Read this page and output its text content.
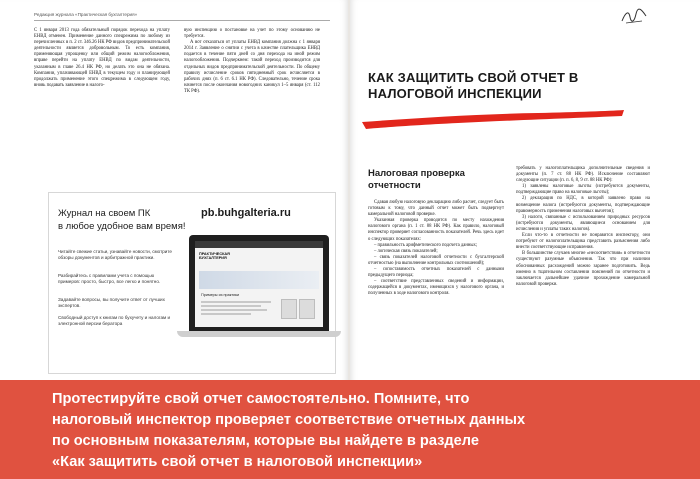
Редакция журнала «Практическая бухгалтерия»

С 1 января 2013 года обязательный порядок перехода на уплату ЕНВД отменен. Применение данного спецрежима по любому из перечисленных в п. 2 ст. 346.26 НК РФ видов предпринимательской деятельности является добровольным. То есть компания, применяющая упрощенку или общий режим налогообложения, вправе перейти на уплату ЕНВД по видам деятельности, указанным в главе 26.4 НК РФ, но делать это она не обязана. Компании, уплачивающей ЕНВД в текущем году и планирующей продолжать применение этого спецрежима в следующем году, вновь подавать заявление в налого-

вую инспекцию о постановке на учет по этому основанию не требуется.

А вот отказаться от уплаты ЕНВД компания должна с 1 января 2014 г. Заявление о снятии с учета в качестве плательщика ЕНВД подается в течение пяти дней со дня перехода на иной режим налогообложения. Подчеркнем: такой переход производится для отдельных видов предпринимательской деятельности. По общему правилу исчисление сроков пятидневный срок исчисляется в рабочих днях (п. 6 ст. 6.1 НК РФ). Следовательно, течение срока начнется после окончания новогодних каникул 1–5 января (ст. 112 ТК РФ).

Журнал на своем ПК
в любое удобное вам время!
pb.buhgalteria.ru
Читайте свежие статьи, узнавайте новости, смотрите обзоры документов и арбитражной практики.
Разбирайтесь с правилами учета с помощью примеров: просто, быстро, все легко и понятно.
Задавайте вопросы, вы получите ответ от лучших экспертов.
Свободный доступ к книгам по бухучету и налогам и электронной версии бератора
ПРАКТИЧЕСКАЯ
БУХГАЛТЕРИЯ
Примеры из практики
КАК ЗАЩИТИТЬ СВОЙ ОТЧЕТ В НАЛОГОВОЙ ИНСПЕКЦИИ
Налоговая проверка отчетности

Сдавая любую налоговую декларацию либо расчет, следует быть готовым к тому, что данный отчет может быть подвергнут камеральной налоговой проверке.

Указанная проверка проводится по месту нахождения налогового органа (п. 1 ст. 88 НК РФ). Как правило, налоговый инспектор проверяет согласованность показателей. Речь здесь идет о следующих показателях:

– правильность арифметического подсчета данных;

– логическая связь показателей;

– связь показателей налоговой отчетности с бухгалтерской отчетностью (на выполнение контрольных соотношений);

– сопоставимость отчетных показателей с данными предыдущего периода;

– соответствие представленных сведений и информации, содержащейся в документах, имеющихся у налогового органа, и полученных в ходе налогового контроля.

требовать у налогоплательщика дополнительные сведения и документы (п. 7 ст. 88 НК РФ). Исключение составляют следующие ситуации (п. п. 6, 8, 9 ст. 88 НК РФ):

1) заявлены налоговые льготы (истребуются документы, подтверждающие право на налоговые льготы);

2) декларация по НДС, в которой заявлено право на возмещение налога (истребуются документы, подтверждающие правомерность применения налоговых вычетов);

3) налоги, связанные с использованием природных ресурсов (истребуются документы, являющиеся основанием для исчисления и уплаты таких налогов).

Если что-то в отчетности не понравится инспектору, они потребуют от налогоплательщика представить разъяснения либо внести соответствующие исправления.

В большинстве случаев многие «несоответствия» в отчетности существуют разумные объяснения. Так что при наличии обоснованных расхождений можно заранее подготовить. Ведь именно в тщательном составлении пояснений по отчетности и заключается дальнейшее удачное прохождение камеральной налоговой проверки.

Протестируйте свой отчет самостоятельно. Помните, что
налоговый инспектор проверяет соответствие отчетных данных
по основным показателям, которые вы найдете в разделе
«Как защитить свой отчет в налоговой инспекции»
